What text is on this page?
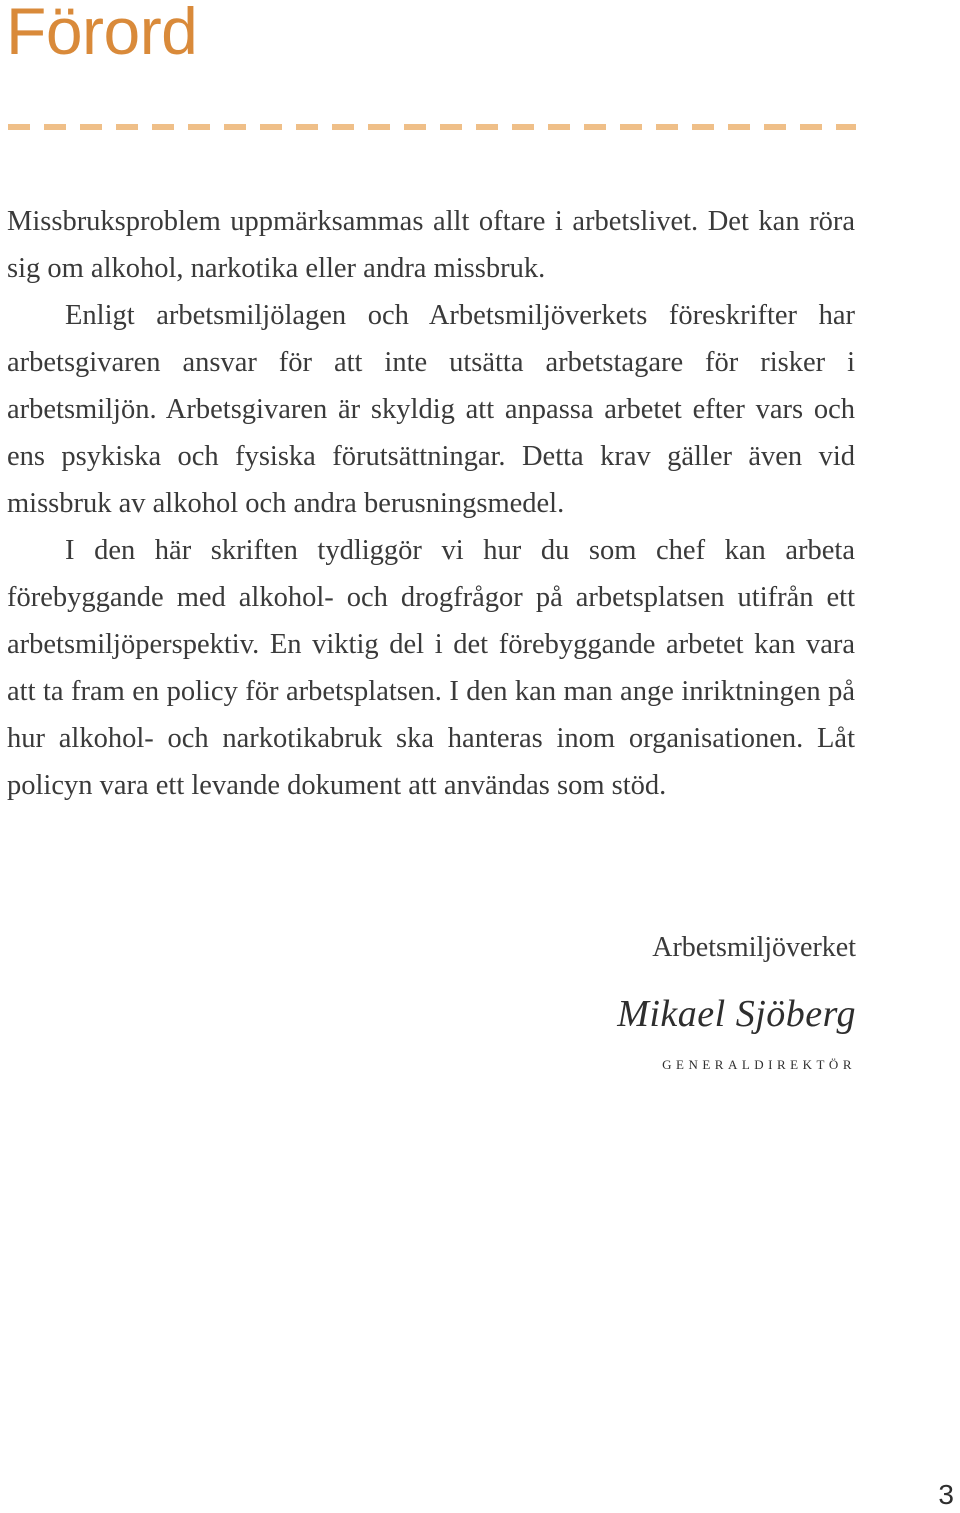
Förord

Missbruksproblem uppmärksammas allt oftare i arbetslivet. Det kan röra sig om alkohol, narkotika eller andra missbruk.

Enligt arbetsmiljölagen och Arbetsmiljöverkets föreskrifter har arbetsgivaren ansvar för att inte utsätta arbetstagare för risker i arbetsmiljön. Arbetsgivaren är skyldig att anpassa arbetet efter vars och ens psykiska och fysiska förutsättningar. Detta krav gäller även vid missbruk av alkohol och andra berusningsmedel.

I den här skriften tydliggör vi hur du som chef kan arbeta förebyggande med alkohol- och drogfrågor på arbetsplatsen utifrån ett arbetsmiljöperspektiv. En viktig del i det förebyggande arbetet kan vara att ta fram en policy för arbetsplatsen. I den kan man ange inriktningen på hur alkohol- och narkotikabruk ska hanteras inom organisationen. Låt policyn vara ett levande dokument att användas som stöd.

Arbetsmiljöverket
Mikael Sjöberg
generaldirektör
3
